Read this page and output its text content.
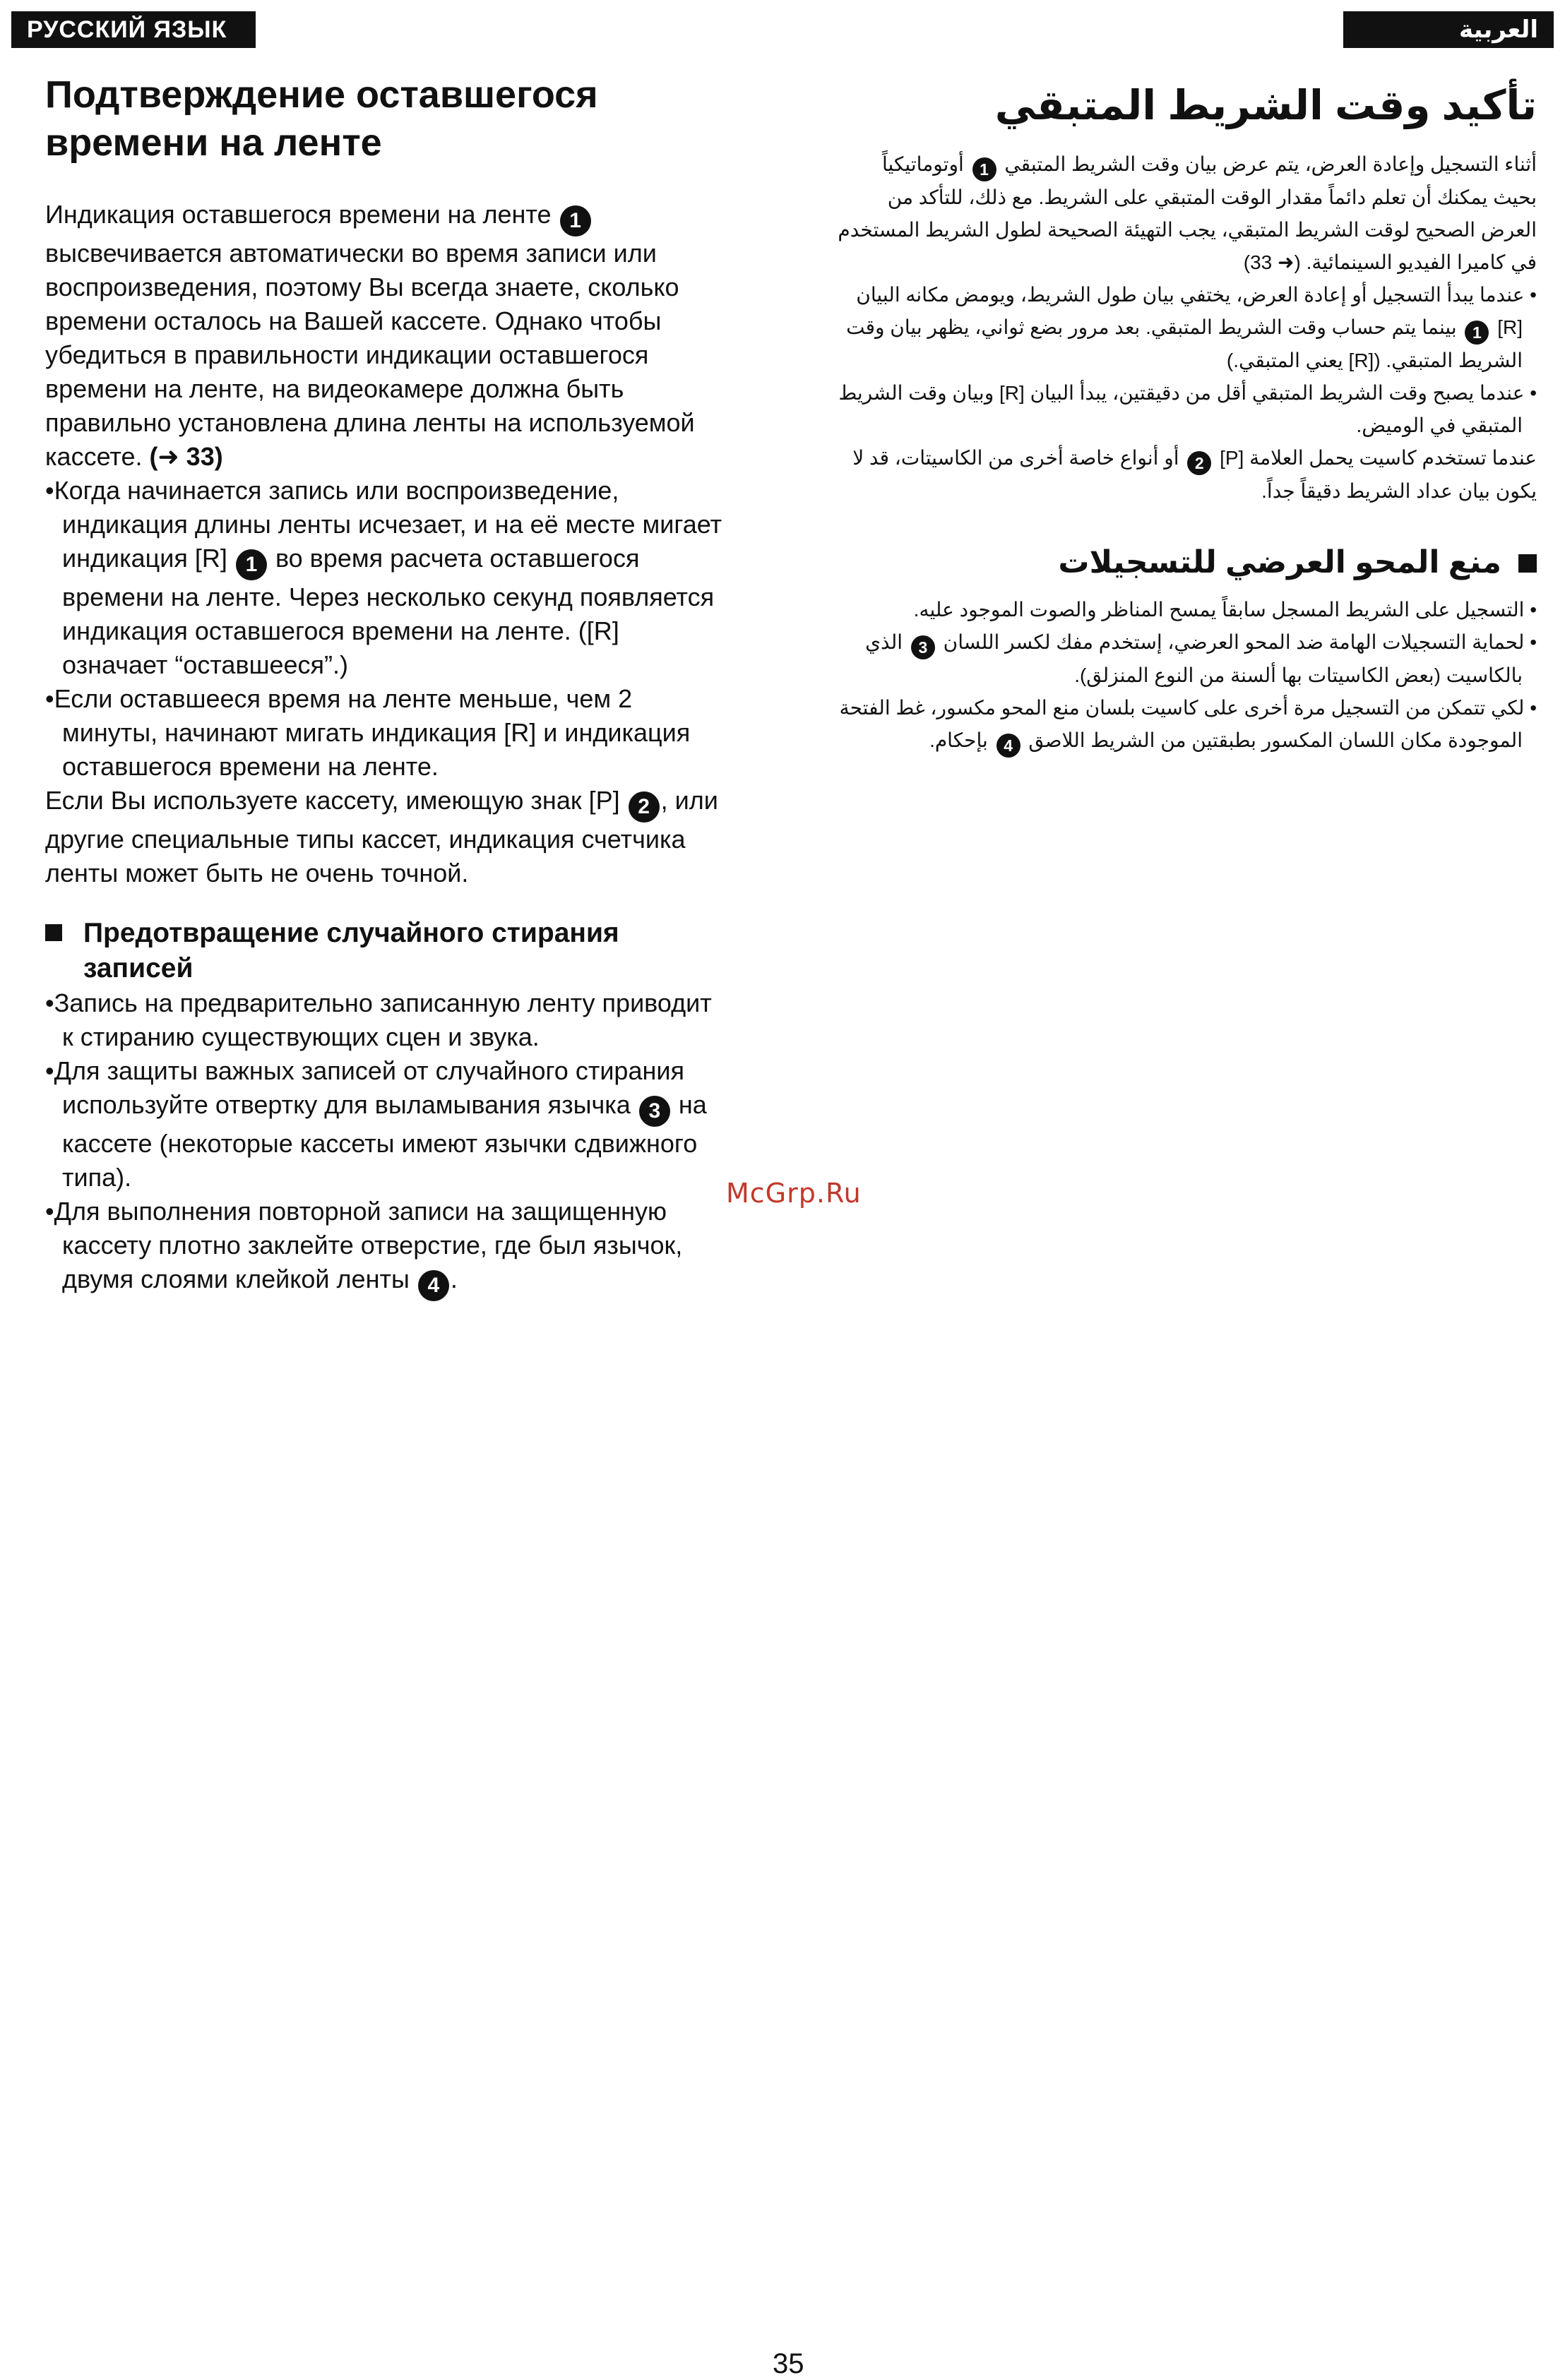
РУССКИЙ ЯЗЫК	العربية
Подтверждение оставшегося времени на ленте

Индикация оставшегося времени на ленте 1 высвечивается автоматически во время записи или воспроизведения, поэтому Вы всегда знаете, сколько времени осталось на Вашей кассете. Однако чтобы убедиться в правильности индикации оставшегося времени на ленте, на видеокамере должна быть правильно установлена длина ленты на используемой кассете. (➜ 33)

•Когда начинается запись или воспроизведение, индикация длины ленты исчезает, и на её месте мигает индикация [R] 1 во время расчета оставшегося времени на ленте. Через несколько секунд появляется индикация оставшегося времени на ленте. ([R] означает “оставшееся”.)

•Если оставшееся время на ленте меньше, чем 2 минуты, начинают мигать индикация [R] и индикация оставшегося времени на ленте.

Если Вы используете кассету, имеющую знак [P] 2 , или другие специальные типы кассет, индикация счетчика ленты может быть не очень точной.

Предотвращение случайного стирания записей

•Запись на предварительно записанную ленту приводит к стиранию существующих сцен и звука.

•Для защиты важных записей от случайного стирания используйте отвертку для выламывания язычка 3 на кассете (некоторые кассеты имеют язычки сдвижного типа).

•Для выполнения повторной записи на защищенную кассету плотно заклейте отверстие, где был язычок, двумя слоями клейкой ленты 4 .

تأكيد وقت الشريط المتبقي

أثناء التسجيل وإعادة العرض، يتم عرض بيان وقت الشريط المتبقي 1 أوتوماتيكياً بحيث يمكنك أن تعلم دائماً مقدار الوقت المتبقي على الشريط. مع ذلك، للتأكد من العرض الصحيح لوقت الشريط المتبقي، يجب التهيئة الصحيحة لطول الشريط المستخدم في كاميرا الفيديو السينمائية. (➜ 33)

• عندما يبدأ التسجيل أو إعادة العرض، يختفي بيان طول الشريط، ويومض مكانه البيان [R] 1 بينما يتم حساب وقت الشريط المتبقي. بعد مرور بضع ثواني، يظهر بيان وقت الشريط المتبقي. ([R] يعني المتبقي.)

• عندما يصبح وقت الشريط المتبقي أقل من دقيقتين، يبدأ البيان [R] وبيان وقت الشريط المتبقي في الوميض.

عندما تستخدم كاسيت يحمل العلامة [P] 2 أو أنواع خاصة أخرى من الكاسيتات، قد لا يكون بيان عداد الشريط دقيقاً جداً.

منع المحو العرضي للتسجيلات

• التسجيل على الشريط المسجل سابقاً يمسح المناظر والصوت الموجود عليه.

• لحماية التسجيلات الهامة ضد المحو العرضي، إستخدم مفك لكسر اللسان 3 الذي بالكاسيت (بعض الكاسيتات بها ألسنة من النوع المنزلق).

• لكي تتمكن من التسجيل مرة أخرى على كاسيت بلسان منع المحو مكسور، غط الفتحة الموجودة مكان اللسان المكسور بطبقتين من الشريط اللاصق 4 بإحكام.

McGrp.Ru
35
